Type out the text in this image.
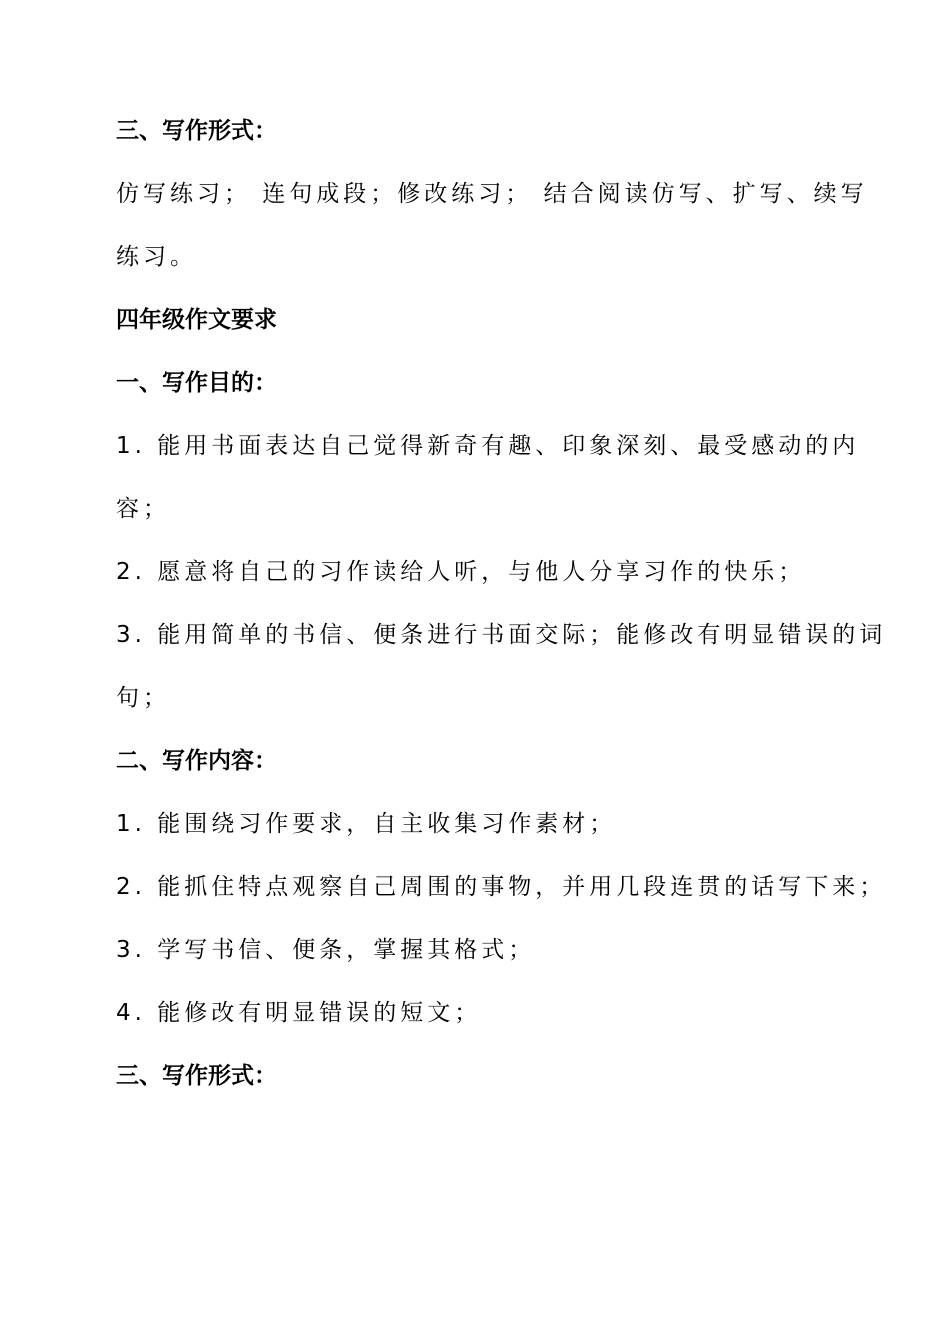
三、写作形式：
仿写练习； 连句成段；修改练习； 结合阅读仿写、扩写、续写
练习。
四年级作文要求
一、写作目的：
1. 能用书面表达自己觉得新奇有趣、印象深刻、最受感动的内
容；
2. 愿意将自己的习作读给人听，与他人分享习作的快乐；
3. 能用简单的书信、便条进行书面交际；能修改有明显错误的词
句；
二、写作内容：
1. 能围绕习作要求，自主收集习作素材；
2. 能抓住特点观察自己周围的事物，并用几段连贯的话写下来；
3. 学写书信、便条，掌握其格式；
4. 能修改有明显错误的短文；
三、写作形式：
